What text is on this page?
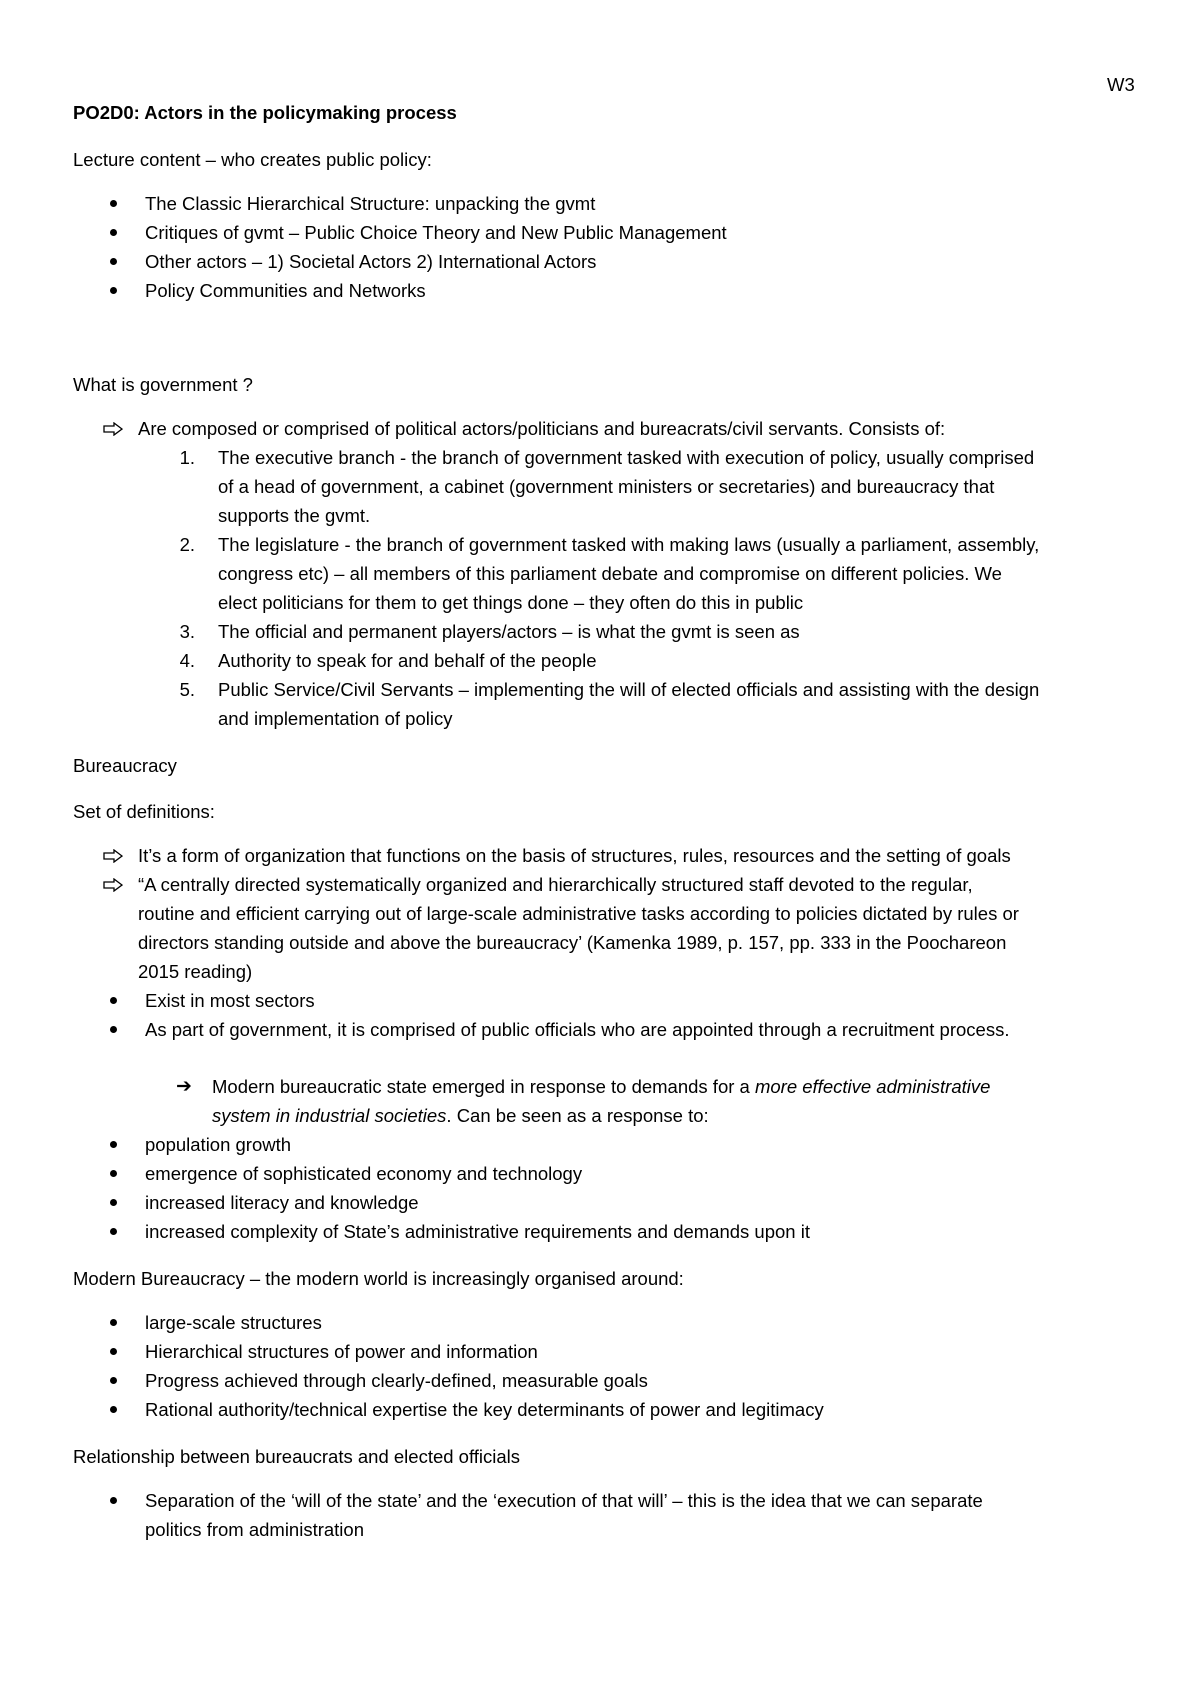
W3
PO2D0: Actors in the policymaking process
Lecture content – who creates public policy:
The Classic Hierarchical Structure: unpacking the gvmt
Critiques of gvmt – Public Choice Theory and New Public Management
Other actors – 1) Societal Actors 2) International Actors
Policy Communities and Networks
What is government ?
Are composed or comprised of political actors/politicians and bureacrats/civil servants. Consists of:
1. The executive branch - the branch of government tasked with execution of policy, usually comprised
of a head of government, a cabinet (government ministers or secretaries) and bureaucracy that
supports the gvmt.
2. The legislature - the branch of government tasked with making laws (usually a parliament, assembly,
congress etc) – all members of this parliament debate and compromise on different policies. We
elect politicians for them to get things done – they often do this in public
3. The official and permanent players/actors – is what the gvmt is seen as
4. Authority to speak for and behalf of the people
5. Public Service/Civil Servants – implementing the will of elected officials and assisting with the design
and implementation of policy
Bureaucracy
Set of definitions:
It’s a form of organization that functions on the basis of structures, rules, resources and the setting of goals
“A centrally directed systematically organized and hierarchically structured staff devoted to the regular,
routine and efficient carrying out of large-scale administrative tasks according to policies dictated by rules or
directors standing outside and above the bureaucracy’ (Kamenka 1989, p. 157, pp. 333 in the Poochareon
2015 reading)
Exist in most sectors
As part of government, it is comprised of public officials who are appointed through a recruitment process.
➔ Modern bureaucratic state emerged in response to demands for a more effective administrative
system in industrial societies. Can be seen as a response to:
population growth
emergence of sophisticated economy and technology
increased literacy and knowledge
increased complexity of State’s administrative requirements and demands upon it
Modern Bureaucracy – the modern world is increasingly organised around:
large-scale structures
Hierarchical structures of power and information
Progress achieved through clearly-defined, measurable goals
Rational authority/technical expertise the key determinants of power and legitimacy
Relationship between bureaucrats and elected officials
Separation of the ‘will of the state’ and the ‘execution of that will’ – this is the idea that we can separate
politics from administration
